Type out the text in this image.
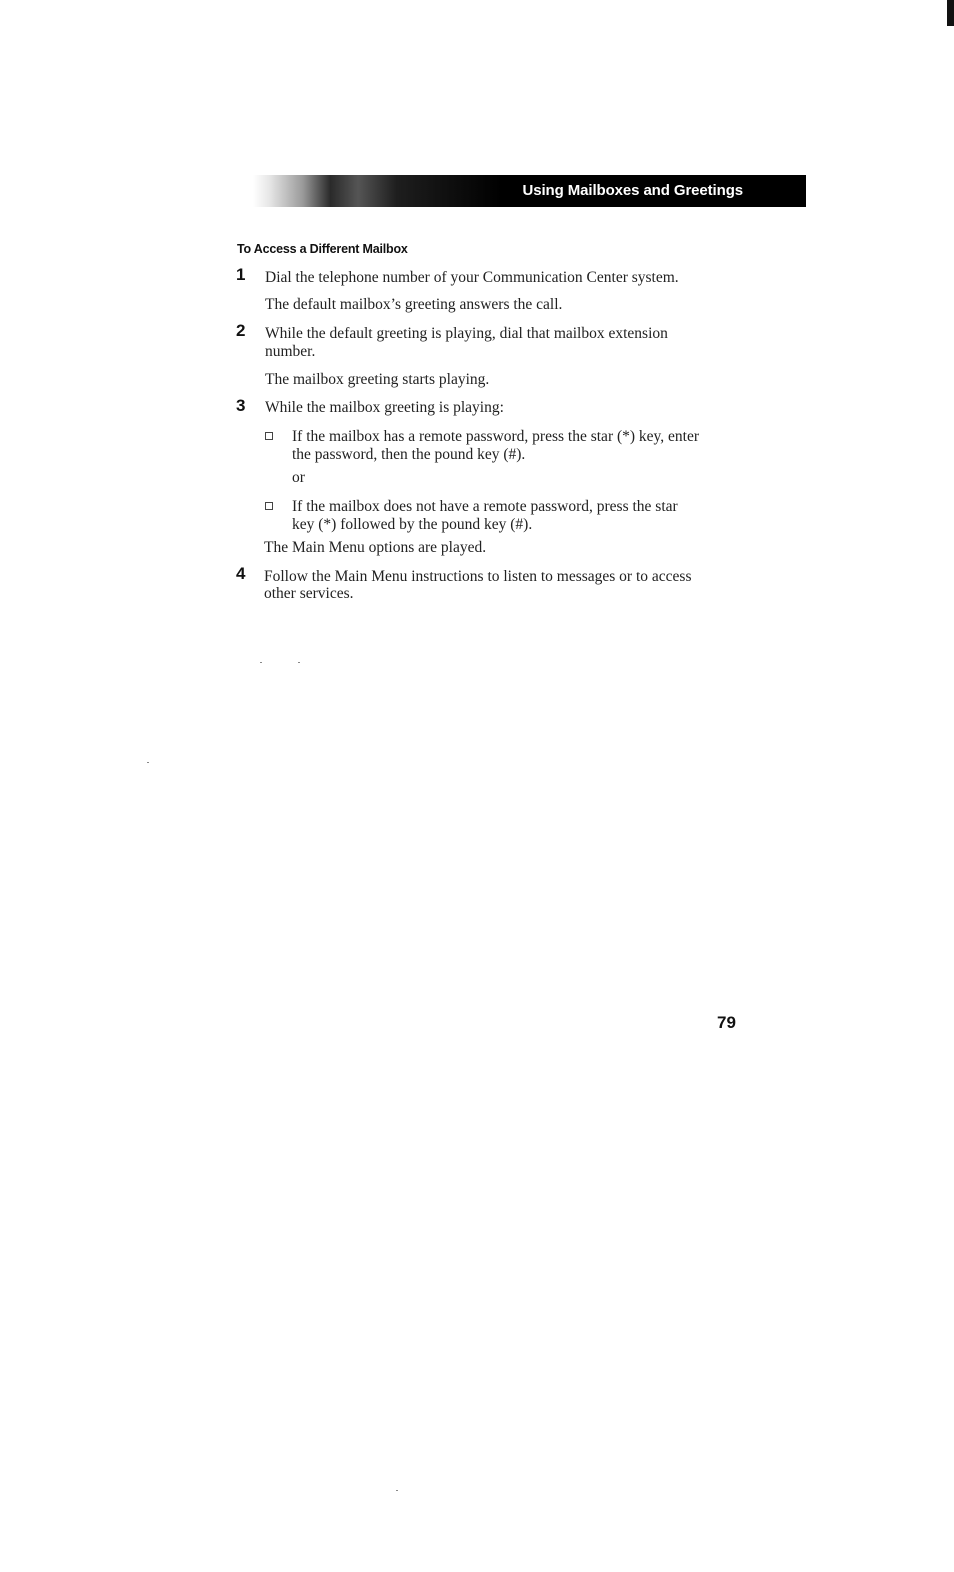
Using Mailboxes and Greetings
To Access a Different Mailbox
1 Dial the telephone number of your Communication Center system.
The default mailbox’s greeting answers the call.
2 While the default greeting is playing, dial that mailbox extension
number.
The mailbox greeting starts playing.
3 While the mailbox greeting is playing:
If the mailbox has a remote password, press the star (*) key, enter
the password, then the pound key (#).
or
If the mailbox does not have a remote password, press the star
key (*) followed by the pound key (#).
The Main Menu options are played.
4 Follow the Main Menu instructions to listen to messages or to access
other services.
79
